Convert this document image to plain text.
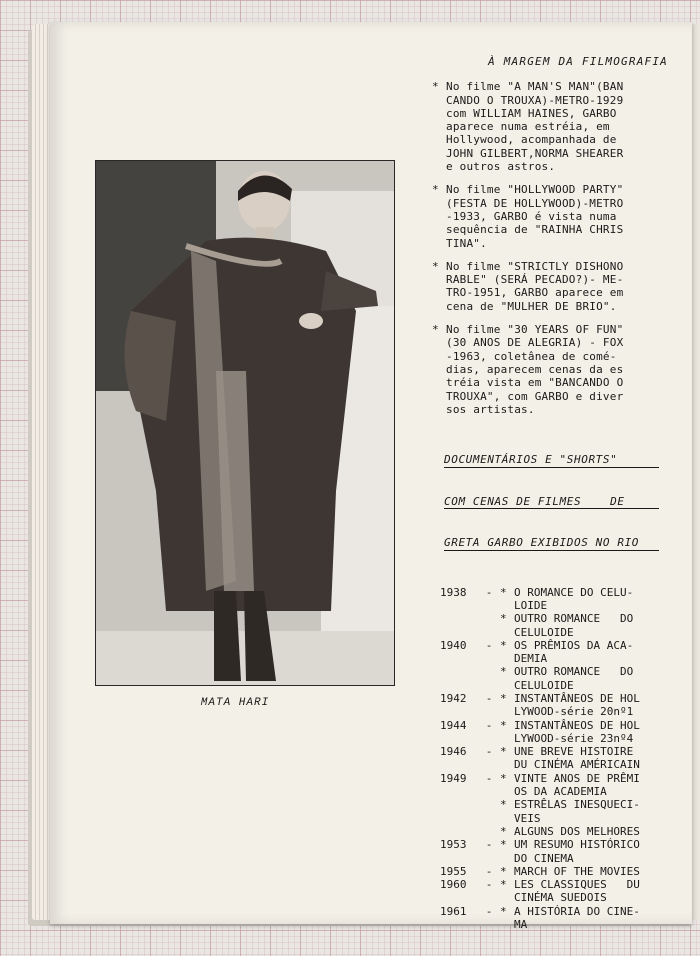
MATA HARI
À MARGEM DA FILMOGRAFIA
* No filme "A MAN'S MAN"(BAN
CANDO O TROUXA)-METRO-1929
com WILLIAM HAINES, GARBO
aparece numa estréia, em
Hollywood, acompanhada de
JOHN GILBERT,NORMA SHEARER
e outros astros.
* No filme "HOLLYWOOD PARTY"
(FESTA DE HOLLYWOOD)-METRO
-1933, GARBO é vista numa
sequência de "RAINHA CHRIS
TINA".
* No filme "STRICTLY DISHONO
RABLE" (SERÁ PECADO?)- ME-
TRO-1951, GARBO aparece em
cena de "MULHER DE BRIO".
* No filme "30 YEARS OF FUN"
(30 ANOS DE ALEGRIA) - FOX
-1963, coletânea de comé-
dias, aparecem cenas da es
tréia vista em "BANCANDO O
TROUXA", com GARBO e diver
sos artistas.

DOCUMENTÁRIOS E "SHORTS"

COM CENAS DE FILMES    DE

GRETA GARBO EXIBIDOS NO RIO

1938	- * O ROMANCE DO CELU-
LOIDE
* OUTRO ROMANCE   DO
CELULOIDE
1940	- * OS PRÊMIOS DA ACA-
DEMIA
* OUTRO ROMANCE   DO
CELULOIDE
1942	- * INSTANTÂNEOS DE HOL
LYWOOD-série 20nº1
1944	- * INSTANTÂNEOS DE HOL
LYWOOD-série 23nº4
1946	- * UNE BREVE HISTOIRE
DU CINÉMA AMÉRICAIN
1949	- * VINTE ANOS DE PRÊMI
OS DA ACADEMIA
* ESTRÊLAS INESQUECI-
VEIS
* ALGUNS DOS MELHORES
1953	- * UM RESUMO HISTÓRICO
DO CINEMA
1955	- * MARCH OF THE MOVIES
1960	- * LES CLASSIQUES   DU
CINÉMA SUEDOIS
1961	- * A HISTÓRIA DO CINE-
MA
